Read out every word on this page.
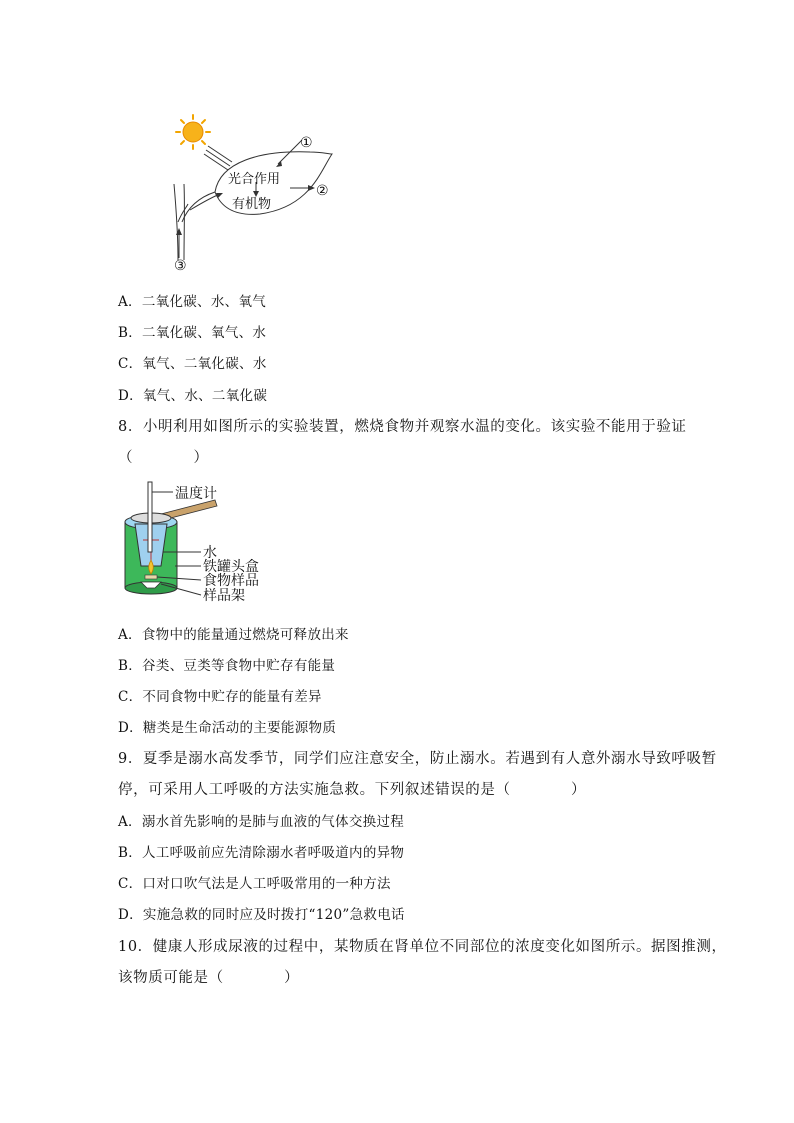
光合作用
有机物
①
②
③
A．二氧化碳、水、氧气
B．二氧化碳、氧气、水
C．氧气、二氧化碳、水
D．氧气、水、二氧化碳
8．小明利用如图所示的实验装置，燃烧食物并观察水温的变化。该实验不能用于验证
（　　　　）
温度计
水
铁罐头盒
食物样品
样品架
A．食物中的能量通过燃烧可释放出来
B．谷类、豆类等食物中贮存有能量
C．不同食物中贮存的能量有差异
D．糖类是生命活动的主要能源物质
9．夏季是溺水高发季节，同学们应注意安全，防止溺水。若遇到有人意外溺水导致呼吸暂
停，可采用人工呼吸的方法实施急救。下列叙述错误的是（　　　　）
A．溺水首先影响的是肺与血液的气体交换过程
B．人工呼吸前应先清除溺水者呼吸道内的异物
C．口对口吹气法是人工呼吸常用的一种方法
D．实施急救的同时应及时拨打“120”急救电话
10．健康人形成尿液的过程中，某物质在肾单位不同部位的浓度变化如图所示。据图推测，
该物质可能是（　　　　）
